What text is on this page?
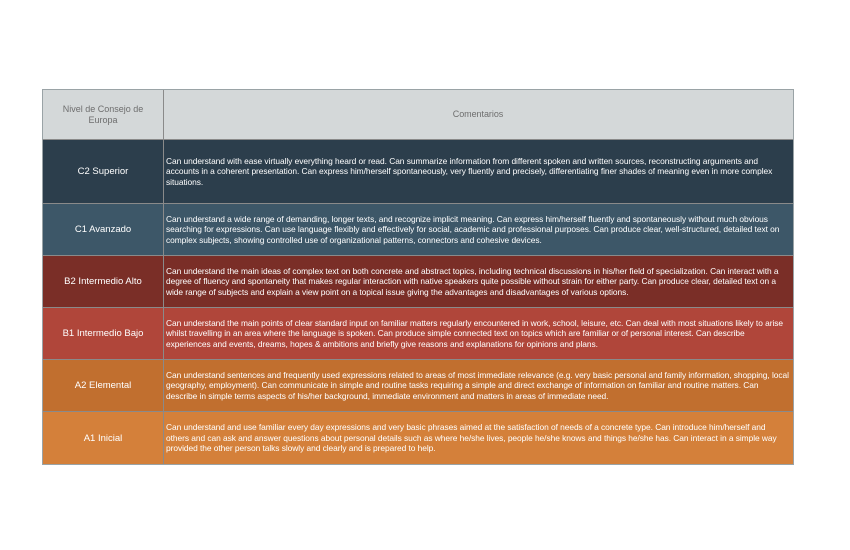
Nivel de Consejo de Europa
Comentarios
C2 Superior
Can understand with ease virtually everything heard or read. Can summarize information from different spoken and written sources, reconstructing arguments and accounts in a coherent presentation. Can express him/herself spontaneously, very fluently and precisely, differentiating finer shades of meaning even in more complex situations.
C1 Avanzado
Can understand a wide range of demanding, longer texts, and recognize implicit meaning. Can express him/herself fluently and spontaneously without much obvious searching for expressions. Can use language flexibly and effectively for social, academic and professional purposes. Can produce clear, well-structured, detailed text on complex subjects, showing controlled use of organizational patterns, connectors and cohesive devices.
B2 Intermedio Alto
Can understand the main ideas of complex text on both concrete and abstract topics, including technical discussions in his/her field of specialization. Can interact with a degree of fluency and spontaneity that makes regular interaction with native speakers quite possible without strain for either party. Can produce clear, detailed text on a wide range of subjects and explain a view point on a topical issue giving the advantages and disadvantages of various options.
B1 Intermedio Bajo
Can understand the main points of clear standard input on familiar matters regularly encountered in work, school, leisure, etc. Can deal with most situations likely to arise whilst travelling in an area where the language is spoken. Can produce simple connected text on topics which are familiar or of personal interest. Can describe experiences and events, dreams, hopes & ambitions and briefly give reasons and explanations for opinions and plans.
A2 Elemental
Can understand sentences and frequently used expressions related to areas of most immediate relevance (e.g. very basic personal and family information, shopping, local geography, employment). Can communicate in simple and routine tasks requiring a simple and direct exchange of information on familiar and routine matters. Can describe in simple terms aspects of his/her background, immediate environment and matters in areas of immediate need.
A1 Inicial
Can understand and use familiar every day expressions and very basic phrases aimed at the satisfaction of needs of a concrete type. Can introduce him/herself and others and can ask and answer questions about personal details such as where he/she lives, people he/she knows and things he/she has. Can interact in a simple way provided the other person talks slowly and clearly and is prepared to help.
